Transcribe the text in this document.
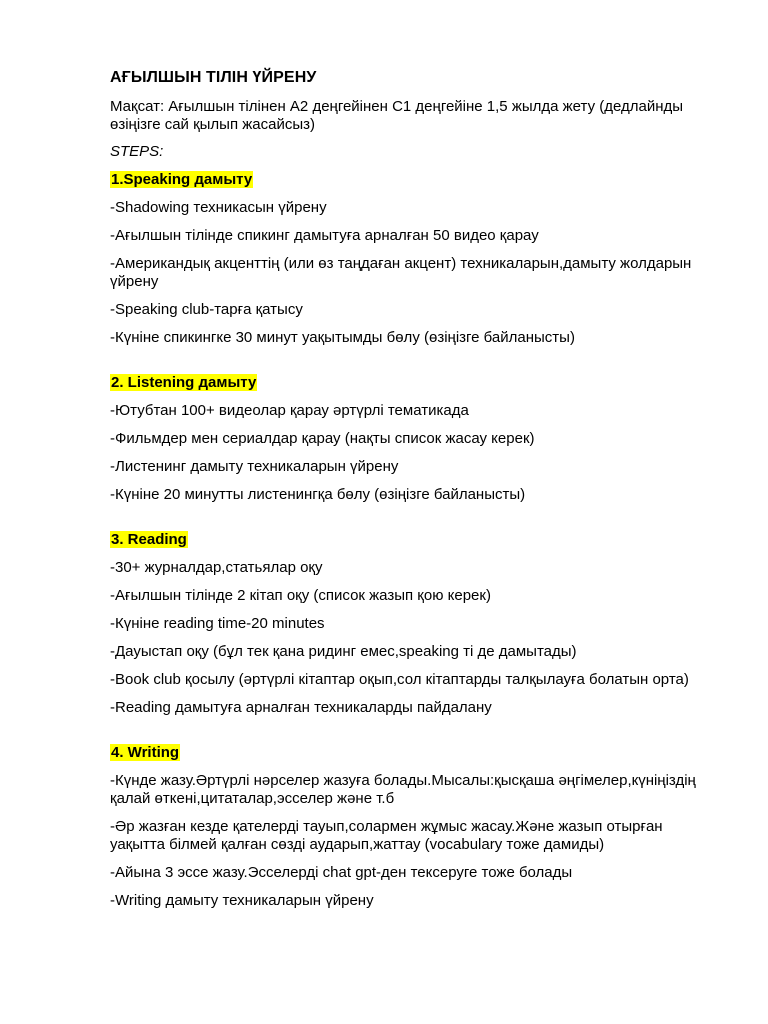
АҒЫЛШЫН ТІЛІН ҮЙРЕНУ

Мақсат: Ағылшын тілінен А2 деңгейінен С1 деңгейіне 1,5 жылда жету (дедлайнды өзіңізге сай қылып жасайсыз)

STEPS:

1.Speaking дамыту
-Shadowing техникасын үйрену
-Ағылшын тілінде спикинг дамытуға арналған 50 видео қарау
-Американдық акценттің (или өз таңдаған акцент) техникаларын,дамыту жолдарын үйрену
-Speaking club-тарға қатысу
-Күніне спикингке 30 минут уақытымды бөлу (өзіңізге байланысты)
2. Listening дамыту
-Ютубтан 100+ видеолар қарау әртүрлі тематикада
-Фильмдер мен сериалдар қарау (нақты список жасау керек)
-Листенинг дамыту техникаларын үйрену
-Күніне 20 минутты листенингқа бөлу (өзіңізге байланысты)
3. Reading
-30+ журналдар,статьялар оқу
-Ағылшын тілінде 2 кітап оқу (список жазып қою керек)
-Күніне reading time-20 minutes
-Дауыстап оқу (бұл тек қана ридинг емес,speaking ті де дамытады)
-Book club қосылу (әртүрлі кітаптар оқып,сол кітаптарды талқылауға болатын орта)
-Reading дамытуға арналған техникаларды пайдалану
4. Writing
-Күнде жазу.Әртүрлі нәрселер жазуға болады.Мысалы:қысқаша әңгімелер,күніңіздің қалай өткені,цитаталар,эсселер және т.б
-Әр жазған кезде қателерді тауып,солармен жұмыс жасау.Және жазып отырған уақытта білмей қалған сөзді аударып,жаттау (vocabulary тоже дамиды)
-Айына 3 эссе жазу.Эсселерді chat gpt-ден тексеруге тоже болады
-Writing дамыту техникаларын үйрену
